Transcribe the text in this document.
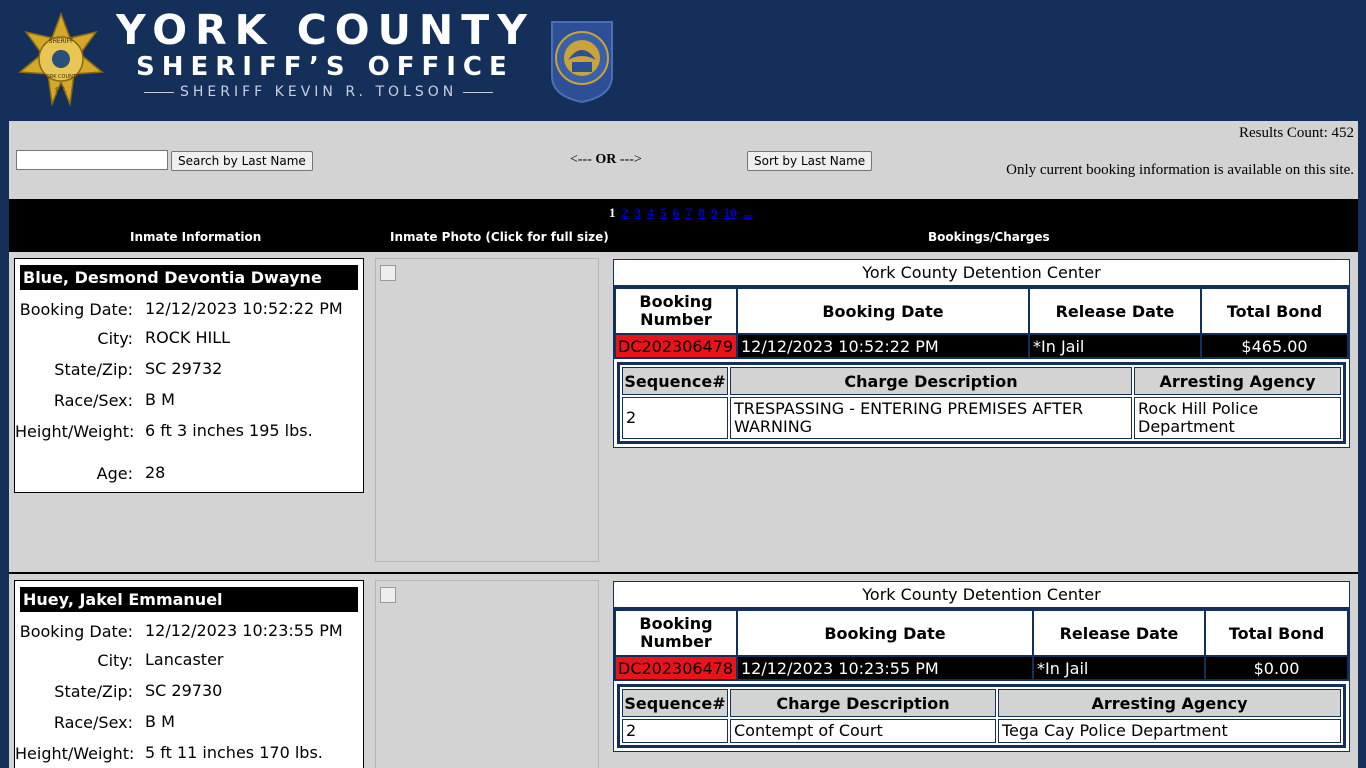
SHERIFF
YORK COUNTY
S.C.
YORK COUNTY
SHERIFF’S OFFICE
SHERIFF KEVIN R. TOLSON
Search by Last Name	<--- OR --->	Sort by Last Name
Results Count: 452
Only current booking information is available on this site.
1 2 3 4 5 6 7 8 9 10 ...
Inmate Information	Inmate Photo (Click for full size)	Bookings/Charges
Blue, Desmond Devontia Dwayne
Booking Date: 12/12/2023 10:52:22 PM
City: ROCK HILL
State/Zip: SC 29732
Race/Sex: B M
Height/Weight: 6 ft 3 inches 195 lbs.
Age: 28
York County Detention Center
Booking Number	Booking Date	Release Date	Total Bond
DC202306479	12/12/2023 10:52:22 PM	*In Jail	$465.00
Sequence#	Charge Description	Arresting Agency
2	TRESPASSING - ENTERING PREMISES AFTER WARNING	Rock Hill Police Department
Huey, Jakel Emmanuel
Booking Date: 12/12/2023 10:23:55 PM
City: Lancaster
State/Zip: SC 29730
Race/Sex: B M
Height/Weight: 5 ft 11 inches 170 lbs.
York County Detention Center
Booking Number	Booking Date	Release Date	Total Bond
DC202306478	12/12/2023 10:23:55 PM	*In Jail	$0.00
Sequence#	Charge Description	Arresting Agency
2	Contempt of Court	Tega Cay Police Department
